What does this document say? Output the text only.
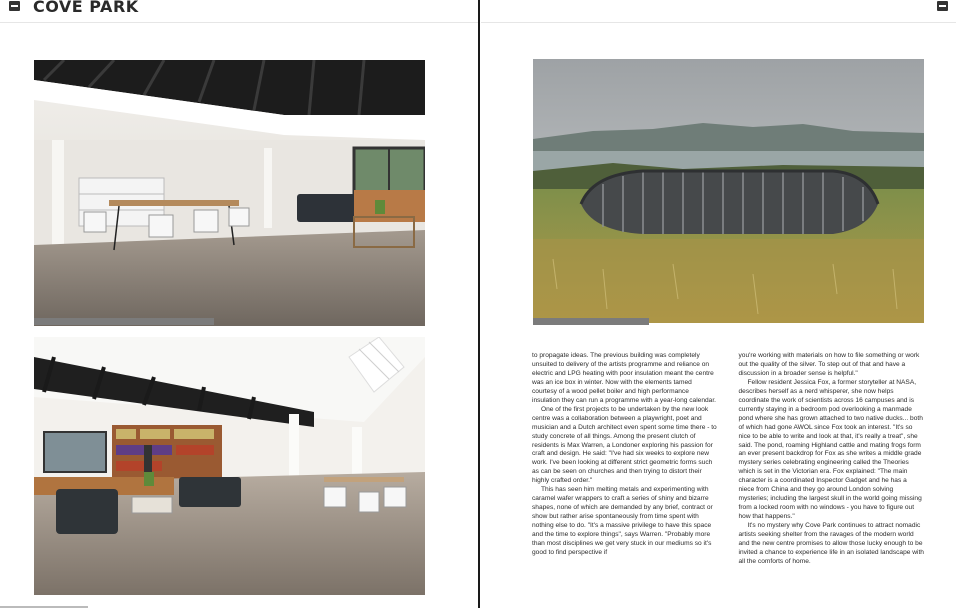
COVE PARK

to propagate ideas. The previous building was completely unsuited to delivery of the artists programme and reliance on electric and LPG heating with poor insulation meant the centre was an ice box in winter. Now with the elements tamed courtesy of a wood pellet boiler and high performance insulation they can run a programme with a year-long calendar.

One of the first projects to be undertaken by the new look centre was a collaboration between a playwright, poet and musician and a Dutch architect even spent some time there - to study concrete of all things. Among the present clutch of residents is Max Warren, a Londoner exploring his passion for craft and design. He said: "I've had six weeks to explore new work. I've been looking at different strict geometric forms such as can be seen on churches and then trying to distort their highly crafted order."

This has seen him melting metals and experimenting with caramel wafer wrappers to craft a series of shiny and bizarre shapes, none of which are demanded by any brief, contract or show but rather arise spontaneously from time spent with nothing else to do. "It's a massive privilege to have this space and the time to explore things", says Warren. "Probably more than most disciplines we get very stuck in our mediums so it's good to find perspective if

you're working with materials on how to file something or work out the quality of the silver. To step out of that and have a discussion in a broader sense is helpful."

Fellow resident Jessica Fox, a former storyteller at NASA, describes herself as a nerd whisperer, she now helps coordinate the work of scientists across 16 campuses and is currently staying in a bedroom pod overlooking a manmade pond where she has grown attached to two native ducks... both of which had gone AWOL since Fox took an interest. "It's so nice to be able to write and look at that, it's really a treat", she said. The pond, roaming Highland cattle and mating frogs form an ever present backdrop for Fox as she writes a middle grade mystery series celebrating engineering called the Theories which is set in the Victorian era. Fox explained: "The main character is a coordinated Inspector Gadget and he has a niece from China and they go around London solving mysteries; including the largest skull in the world going missing from a locked room with no windows - you have to figure out how that happens."

It's no mystery why Cove Park continues to attract nomadic artists seeking shelter from the ravages of the modern world and the new centre promises to allow those lucky enough to be invited a chance to experience life in an isolated landscape with all the comforts of home.
